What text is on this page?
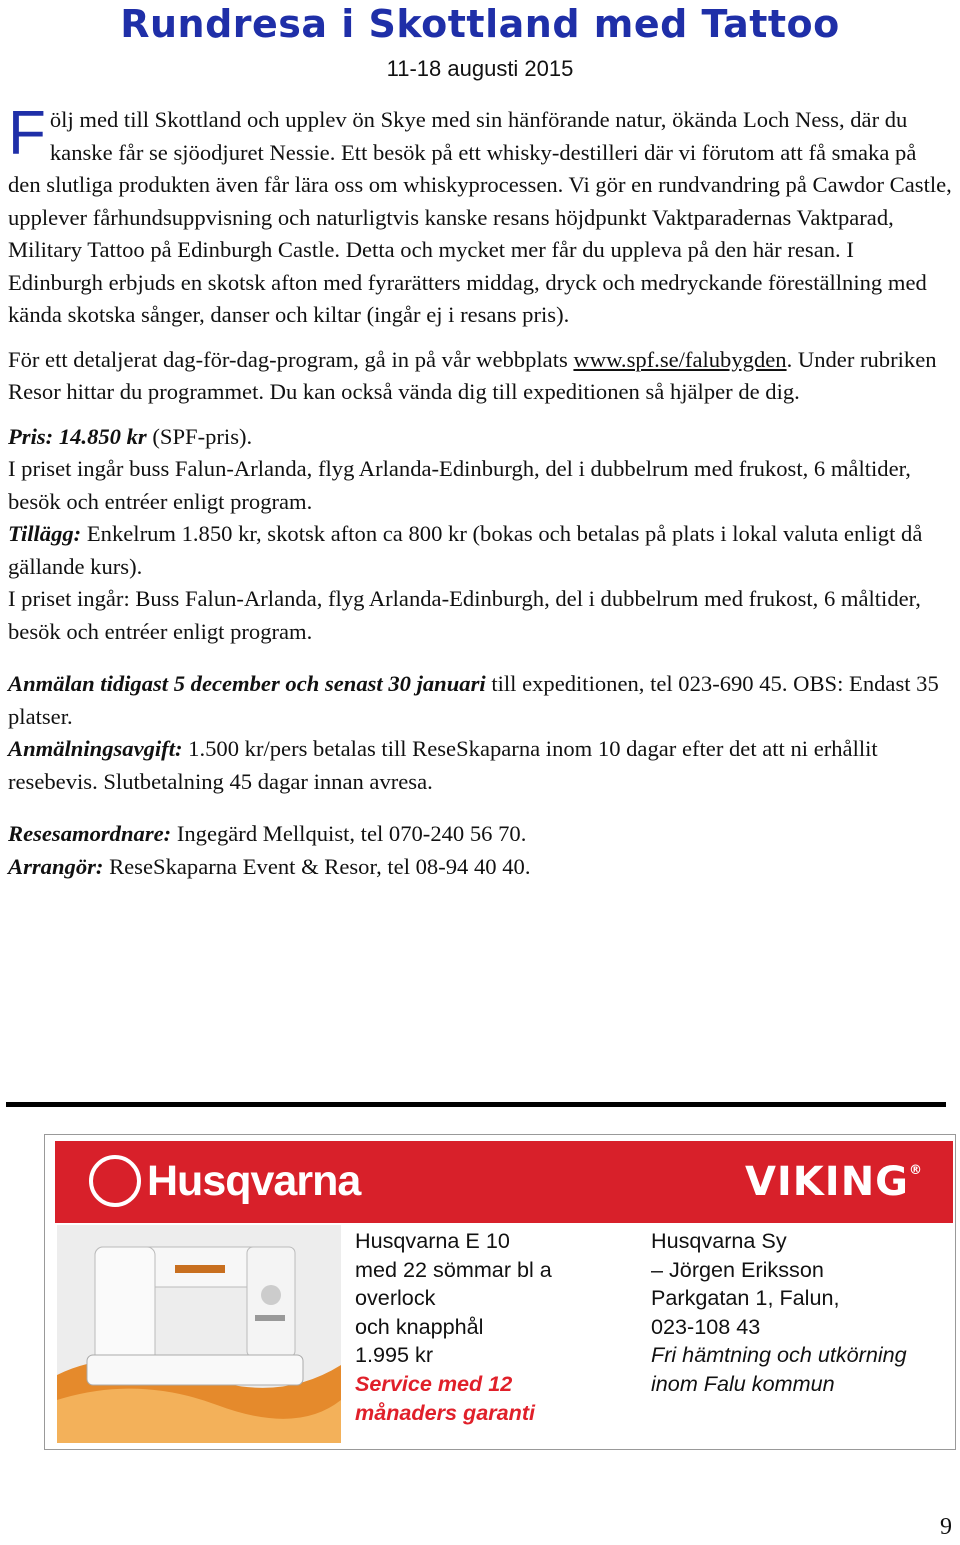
Rundresa i Skottland med Tattoo
11-18 augusti 2015

Följ med till Skottland och upplev ön Skye med sin hänförande natur, ökända Loch Ness, där du kanske får se sjöodjuret Nessie. Ett besök på ett whisky-destilleri där vi förutom att få smaka på den slutliga produkten även får lära oss om whiskyprocessen. Vi gör en rundvandring på Cawdor Castle, upplever fårhundsuppvisning och naturligtvis kanske resans höjdpunkt Vaktparadernas Vaktparad, Military Tattoo på Edinburgh Castle. Detta och mycket mer får du uppleva på den här resan. I Edinburgh erbjuds en skotsk afton med fyrarätters middag, dryck och medryckande föreställning med kända skotska sånger, danser och kiltar (ingår ej i resans pris).

För ett detaljerat dag-för-dag-program, gå in på vår webbplats www.spf.se/falubygden. Under rubriken Resor hittar du programmet. Du kan också vända dig till expeditionen så hjälper de dig.

Pris: 14.850 kr (SPF-pris).
I priset ingår buss Falun-Arlanda, flyg Arlanda-Edinburgh, del i dubbelrum med frukost, 6 måltider, besök och entréer enligt program.
Tillägg: Enkelrum 1.850 kr, skotsk afton ca 800 kr (bokas och betalas på plats i lokal valuta enligt då gällande kurs).
I priset ingår: Buss Falun-Arlanda, flyg Arlanda-Edinburgh, del i dubbelrum med frukost, 6 måltider, besök och entréer enligt program.

Anmälan tidigast 5 december och senast 30 januari till expeditionen, tel 023-690 45. OBS: Endast 35 platser.
Anmälningsavgift: 1.500 kr/pers betalas till ReseSkaparna inom 10 dagar efter det att ni erhållit resebevis. Slutbetalning 45 dagar innan avresa.

Resesamordnare: Ingegärd Mellquist, tel 070-240 56 70.
Arrangör: ReseSkaparna Event & Resor, tel 08-94 40 40.

Husqvarna	VIKING®
Husqvarna E 10
med 22 sömmar bl a
overlock
och knapphål
1.995 kr
Service med 12
månaders garanti
Husqvarna Sy
– Jörgen Eriksson
Parkgatan 1, Falun,
023-108 43
Fri hämtning och utkörning
inom Falu kommun
9
